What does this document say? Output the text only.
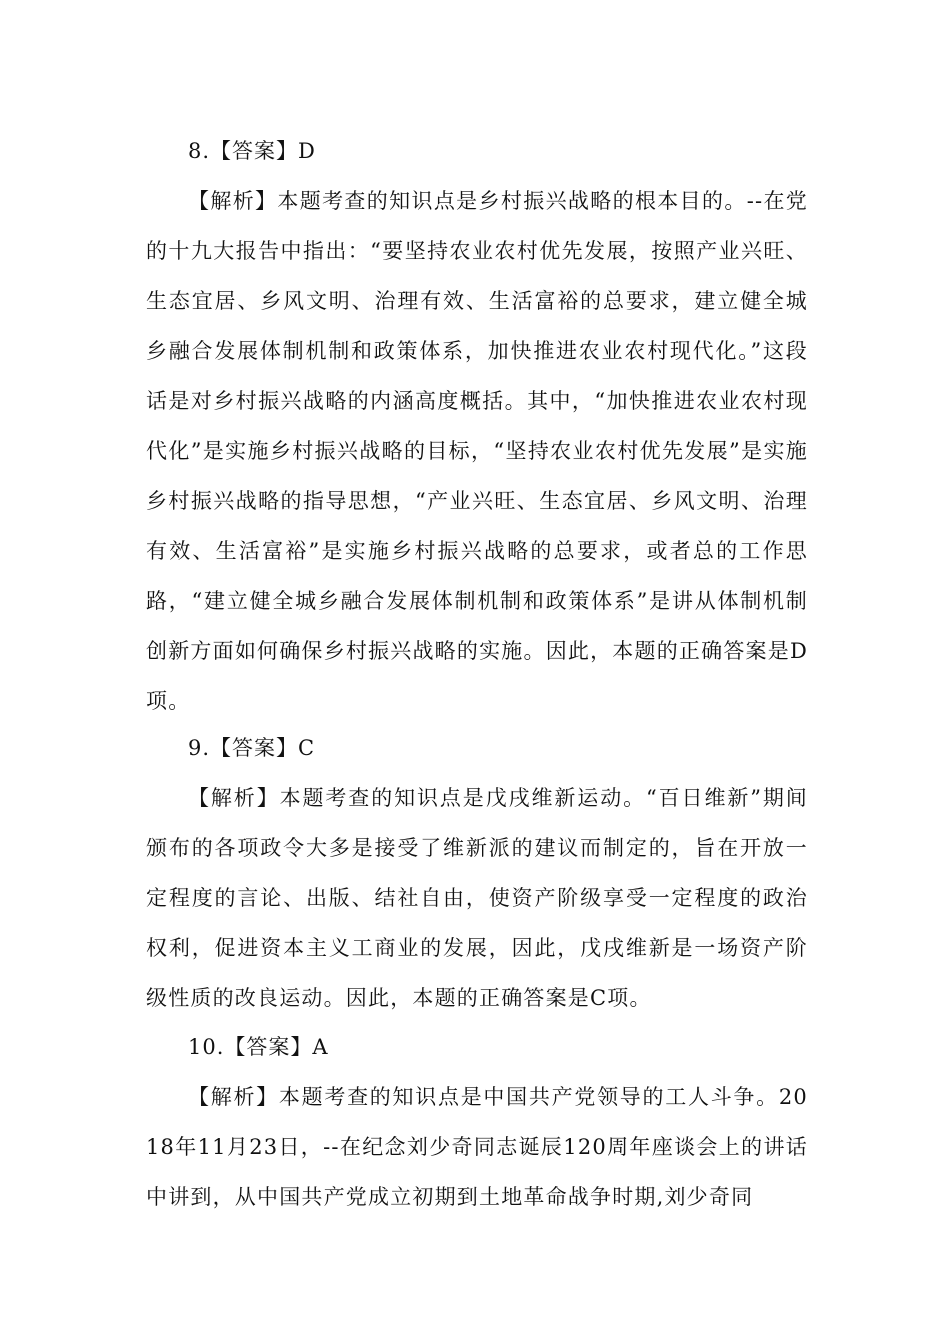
8.【答案】D
【解析】本题考查的知识点是乡村振兴战略的根本目的。--在党的十九大报告中指出：“要坚持农业农村优先发展，按照产业兴旺、生态宜居、乡风文明、治理有效、生活富裕的总要求，建立健全城乡融合发展体制机制和政策体系，加快推进农业农村现代化。”这段话是对乡村振兴战略的内涵高度概括。其中，“加快推进农业农村现代化”是实施乡村振兴战略的目标，“坚持农业农村优先发展”是实施乡村振兴战略的指导思想，“产业兴旺、生态宜居、乡风文明、治理有效、生活富裕”是实施乡村振兴战略的总要求，或者总的工作思路，“建立健全城乡融合发展体制机制和政策体系”是讲从体制机制创新方面如何确保乡村振兴战略的实施。因此，本题的正确答案是D项。
9.【答案】C
【解析】本题考查的知识点是戊戌维新运动。“百日维新”期间颁布的各项政令大多是接受了维新派的建议而制定的，旨在开放一定程度的言论、出版、结社自由，使资产阶级享受一定程度的政治权利，促进资本主义工商业的发展，因此，戊戌维新是一场资产阶级性质的改良运动。因此，本题的正确答案是C项。
10.【答案】A
【解析】本题考查的知识点是中国共产党领导的工人斗争。2018年11月23日，--在纪念刘少奇同志诞辰120周年座谈会上的讲话中讲到，从中国共产党成立初期到土地革命战争时期,刘少奇同
